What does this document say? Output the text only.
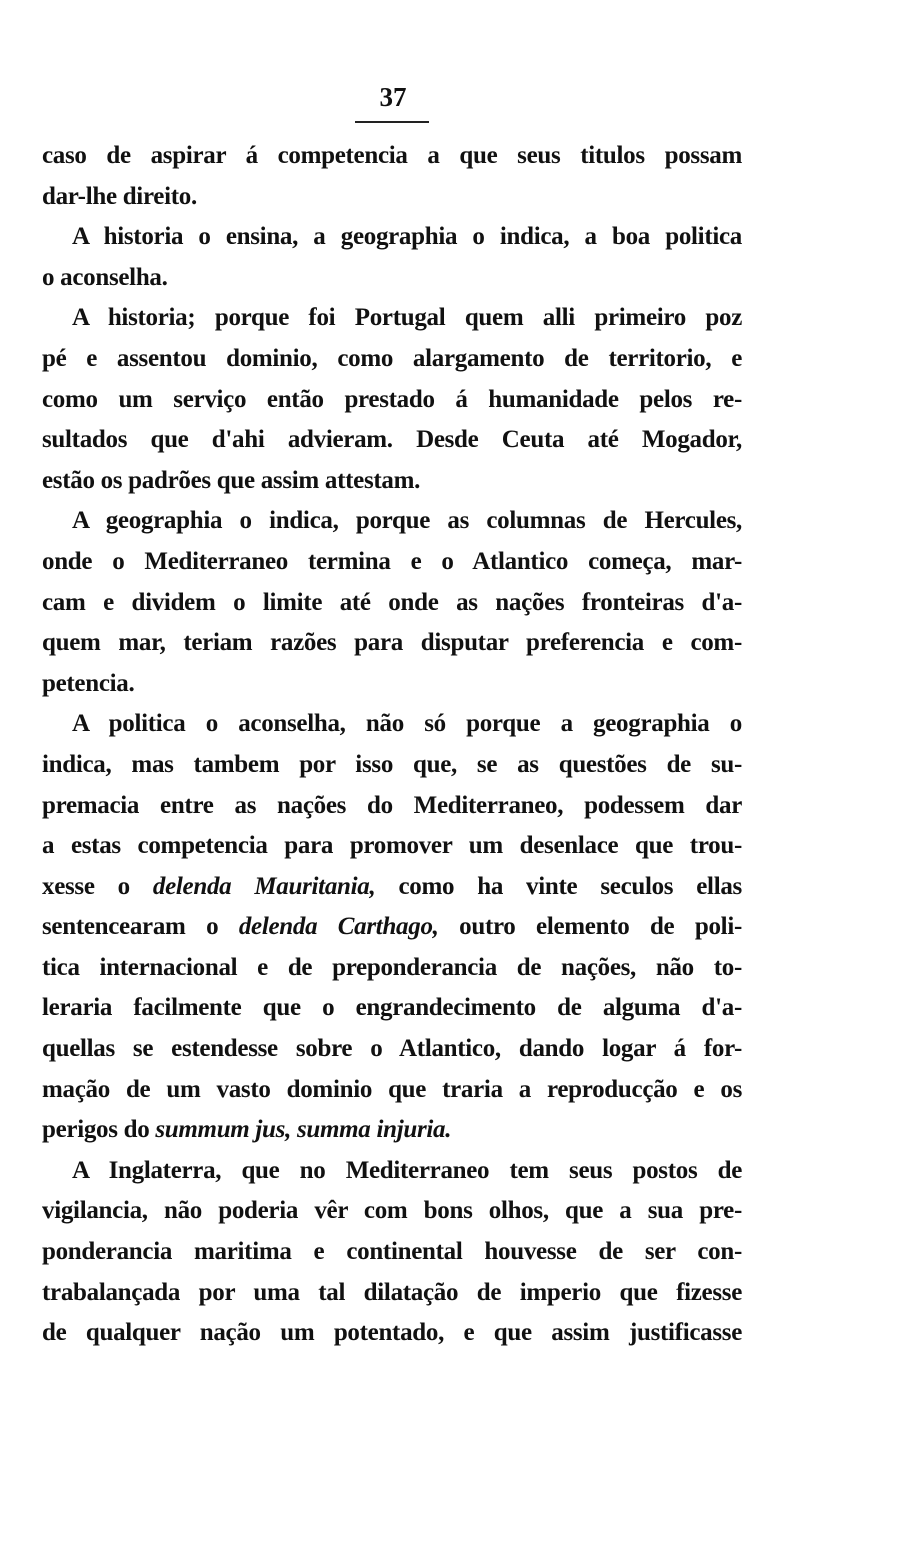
37
caso de aspirar á competencia a que seus titulos possam
dar-lhe direito.
A historia o ensina, a geographia o indica, a boa politica
o aconselha.
A historia; porque foi Portugal quem alli primeiro poz
pé e assentou dominio, como alargamento de territorio, e
como um serviço então prestado á humanidade pelos re-
sultados que d'ahi advieram. Desde Ceuta até Mogador,
estão os padrões que assim attestam.
A geographia o indica, porque as columnas de Hercules,
onde o Mediterraneo termina e o Atlantico começa, mar-
cam e dividem o limite até onde as nações fronteiras d'a-
quem mar, teriam razões para disputar preferencia e com-
petencia.
A politica o aconselha, não só porque a geographia o
indica, mas tambem por isso que, se as questões de su-
premacia entre as nações do Mediterraneo, podessem dar
a estas competencia para promover um desenlace que trou-
xesse o delenda Mauritania, como ha vinte seculos ellas
sentencearam o delenda Carthago, outro elemento de poli-
tica internacional e de preponderancia de nações, não to-
leraria facilmente que o engrandecimento de alguma d'a-
quellas se estendesse sobre o Atlantico, dando logar á for-
mação de um vasto dominio que traria a reproducção e os
perigos do summum jus, summa injuria.
A Inglaterra, que no Mediterraneo tem seus postos de
vigilancia, não poderia vêr com bons olhos, que a sua pre-
ponderancia maritima e continental houvesse de ser con-
trabalançada por uma tal dilatação de imperio que fizesse
de qualquer nação um potentado, e que assim justificasse
